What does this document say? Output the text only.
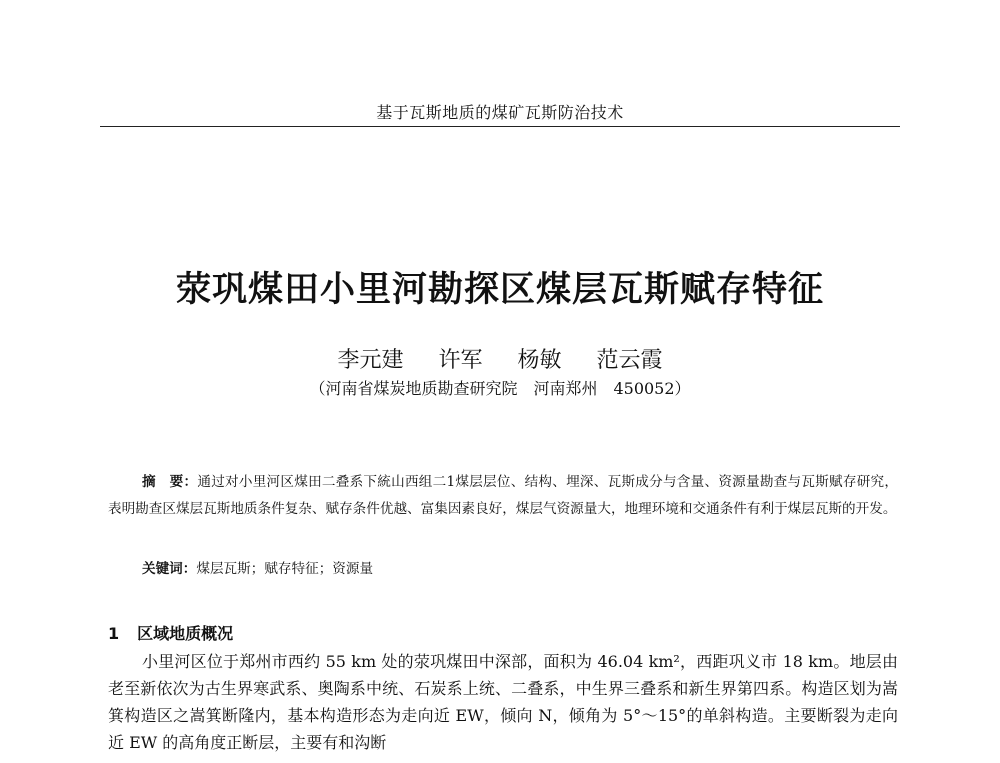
基于瓦斯地质的煤矿瓦斯防治技术
荥巩煤田小里河勘探区煤层瓦斯赋存特征
李元建 许军 杨敏 范云霞
（河南省煤炭地质勘查研究院　河南郑州　450052）
摘　要：通过对小里河区煤田二叠系下統山西组二1煤层层位、结构、埋深、瓦斯成分与含量、资源量勘查与瓦斯赋存研究，表明勘查区煤层瓦斯地质条件复杂、赋存条件优越、富集因素良好，煤层气资源量大，地理环境和交通条件有利于煤层瓦斯的开发。
关键词：煤层瓦斯；赋存特征；资源量
1 区域地质概况
小里河区位于郑州市西约 55 km 处的荥巩煤田中深部，面积为 46.04 km²，西距巩义市 18 km。地层由老至新依次为古生界寒武系、奥陶系中统、石炭系上统、二叠系，中生界三叠系和新生界第四系。构造区划为嵩箕构造区之嵩箕断隆内，基本构造形态为走向近 EW，倾向 N，倾角为 5°～15°的单斜构造。主要断裂为走向近 EW 的高角度正断层，主要有和沟断
